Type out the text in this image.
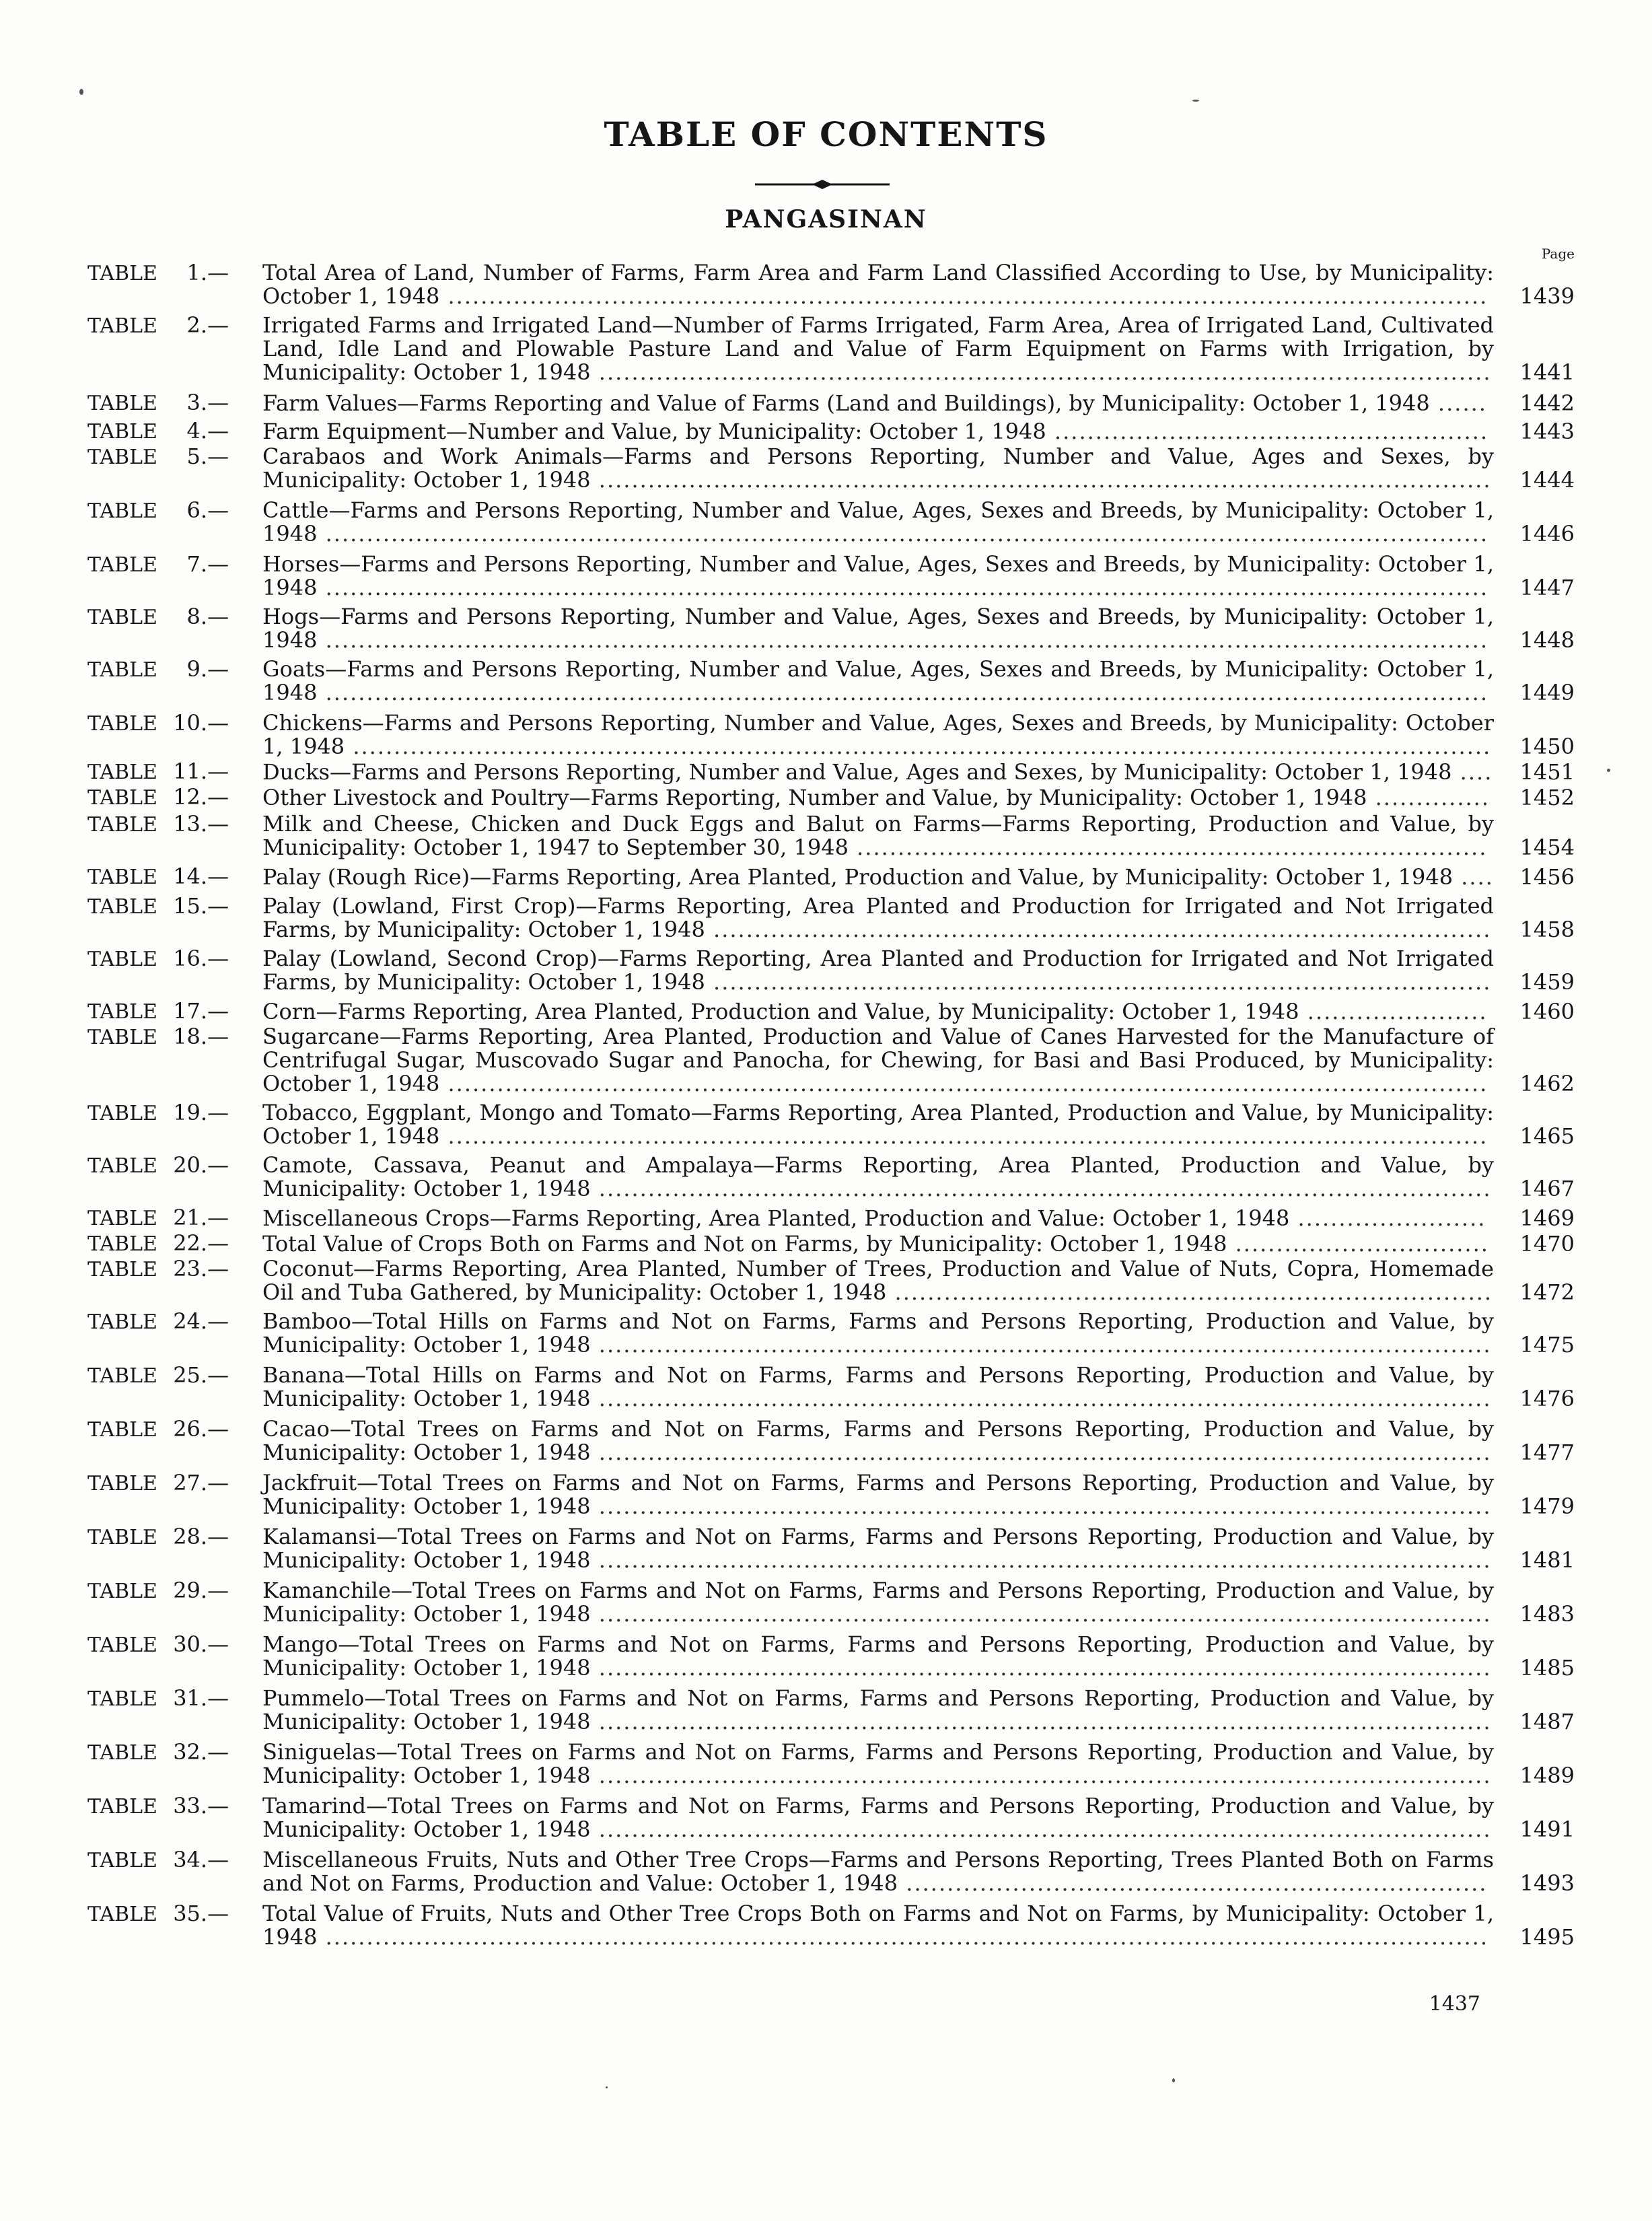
TABLE OF CONTENTS
PANGASINAN
Page
TABLE 1.—	Total Area of Land, Number of Farms, Farm Area and Farm Land Classified According to Use, by Municipality: October 1, 1948 ...............................................................................................................................	1439
TABLE 2.—	Irrigated Farms and Irrigated Land—Number of Farms Irrigated, Farm Area, Area of Irrigated Land, Cultivated Land, Idle Land and Plowable Pasture Land and Value of Farm Equipment on Farms with Irrigation, by Municipality: October 1, 1948 .............................................................................................................	1441
TABLE 3.—	Farm Values—Farms Reporting and Value of Farms (Land and Buildings), by Municipality: October 1, 1948 ......	1442
TABLE 4.—	Farm Equipment—Number and Value, by Municipality: October 1, 1948 .....................................................	1443
TABLE 5.—	Carabaos and Work Animals—Farms and Persons Reporting, Number and Value, Ages and Sexes, by Municipality: October 1, 1948 .............................................................................................................	1444
TABLE 6.—	Cattle—Farms and Persons Reporting, Number and Value, Ages, Sexes and Breeds, by Municipality: October 1, 1948 ..............................................................................................................................................	1446
TABLE 7.—	Horses—Farms and Persons Reporting, Number and Value, Ages, Sexes and Breeds, by Municipality: October 1, 1948 ..............................................................................................................................................	1447
TABLE 8.—	Hogs—Farms and Persons Reporting, Number and Value, Ages, Sexes and Breeds, by Municipality: October 1, 1948 ..............................................................................................................................................	1448
TABLE 9.—	Goats—Farms and Persons Reporting, Number and Value, Ages, Sexes and Breeds, by Municipality: October 1, 1948 ..............................................................................................................................................	1449
TABLE 10.—	Chickens—Farms and Persons Reporting, Number and Value, Ages, Sexes and Breeds, by Municipality: October 1, 1948 ...........................................................................................................................................	1450
TABLE 11.—	Ducks—Farms and Persons Reporting, Number and Value, Ages and Sexes, by Municipality: October 1, 1948 ....	1451
TABLE 12.—	Other Livestock and Poultry—Farms Reporting, Number and Value, by Municipality: October 1, 1948 ..............	1452
TABLE 13.—	Milk and Cheese, Chicken and Duck Eggs and Balut on Farms—Farms Reporting, Production and Value, by Municipality: October 1, 1947 to September 30, 1948 .............................................................................	1454
TABLE 14.—	Palay (Rough Rice)—Farms Reporting, Area Planted, Production and Value, by Municipality: October 1, 1948 ....	1456
TABLE 15.—	Palay (Lowland, First Crop)—Farms Reporting, Area Planted and Production for Irrigated and Not Irrigated Farms, by Municipality: October 1, 1948 ...............................................................................................	1458
TABLE 16.—	Palay (Lowland, Second Crop)—Farms Reporting, Area Planted and Production for Irrigated and Not Irrigated Farms, by Municipality: October 1, 1948 ...............................................................................................	1459
TABLE 17.—	Corn—Farms Reporting, Area Planted, Production and Value, by Municipality: October 1, 1948 ......................	1460
TABLE 18.—	Sugarcane—Farms Reporting, Area Planted, Production and Value of Canes Harvested for the Manufacture of Centrifugal Sugar, Muscovado Sugar and Panocha, for Chewing, for Basi and Basi Produced, by Municipality: October 1, 1948 ...............................................................................................................................	1462
TABLE 19.—	Tobacco, Eggplant, Mongo and Tomato—Farms Reporting, Area Planted, Production and Value, by Municipality: October 1, 1948 ...............................................................................................................................	1465
TABLE 20.—	Camote, Cassava, Peanut and Ampalaya—Farms Reporting, Area Planted, Production and Value, by Municipality: October 1, 1948 .............................................................................................................	1467
TABLE 21.—	Miscellaneous Crops—Farms Reporting, Area Planted, Production and Value: October 1, 1948 .......................	1469
TABLE 22.—	Total Value of Crops Both on Farms and Not on Farms, by Municipality: October 1, 1948 ...............................	1470
TABLE 23.—	Coconut—Farms Reporting, Area Planted, Number of Trees, Production and Value of Nuts, Copra, Homemade Oil and Tuba Gathered, by Municipality: October 1, 1948 .........................................................................	1472
TABLE 24.—	Bamboo—Total Hills on Farms and Not on Farms, Farms and Persons Reporting, Production and Value, by Municipality: October 1, 1948 .............................................................................................................	1475
TABLE 25.—	Banana—Total Hills on Farms and Not on Farms, Farms and Persons Reporting, Production and Value, by Municipality: October 1, 1948 .............................................................................................................	1476
TABLE 26.—	Cacao—Total Trees on Farms and Not on Farms, Farms and Persons Reporting, Production and Value, by Municipality: October 1, 1948 .............................................................................................................	1477
TABLE 27.—	Jackfruit—Total Trees on Farms and Not on Farms, Farms and Persons Reporting, Production and Value, by Municipality: October 1, 1948 .............................................................................................................	1479
TABLE 28.—	Kalamansi—Total Trees on Farms and Not on Farms, Farms and Persons Reporting, Production and Value, by Municipality: October 1, 1948 .............................................................................................................	1481
TABLE 29.—	Kamanchile—Total Trees on Farms and Not on Farms, Farms and Persons Reporting, Production and Value, by Municipality: October 1, 1948 .............................................................................................................	1483
TABLE 30.—	Mango—Total Trees on Farms and Not on Farms, Farms and Persons Reporting, Production and Value, by Municipality: October 1, 1948 .............................................................................................................	1485
TABLE 31.—	Pummelo—Total Trees on Farms and Not on Farms, Farms and Persons Reporting, Production and Value, by Municipality: October 1, 1948 .............................................................................................................	1487
TABLE 32.—	Siniguelas—Total Trees on Farms and Not on Farms, Farms and Persons Reporting, Production and Value, by Municipality: October 1, 1948 .............................................................................................................	1489
TABLE 33.—	Tamarind—Total Trees on Farms and Not on Farms, Farms and Persons Reporting, Production and Value, by Municipality: October 1, 1948 .............................................................................................................	1491
TABLE 34.—	Miscellaneous Fruits, Nuts and Other Tree Crops—Farms and Persons Reporting, Trees Planted Both on Farms and Not on Farms, Production and Value: October 1, 1948 .......................................................................	1493
TABLE 35.—	Total Value of Fruits, Nuts and Other Tree Crops Both on Farms and Not on Farms, by Municipality: October 1, 1948 ..............................................................................................................................................	1495
1437
